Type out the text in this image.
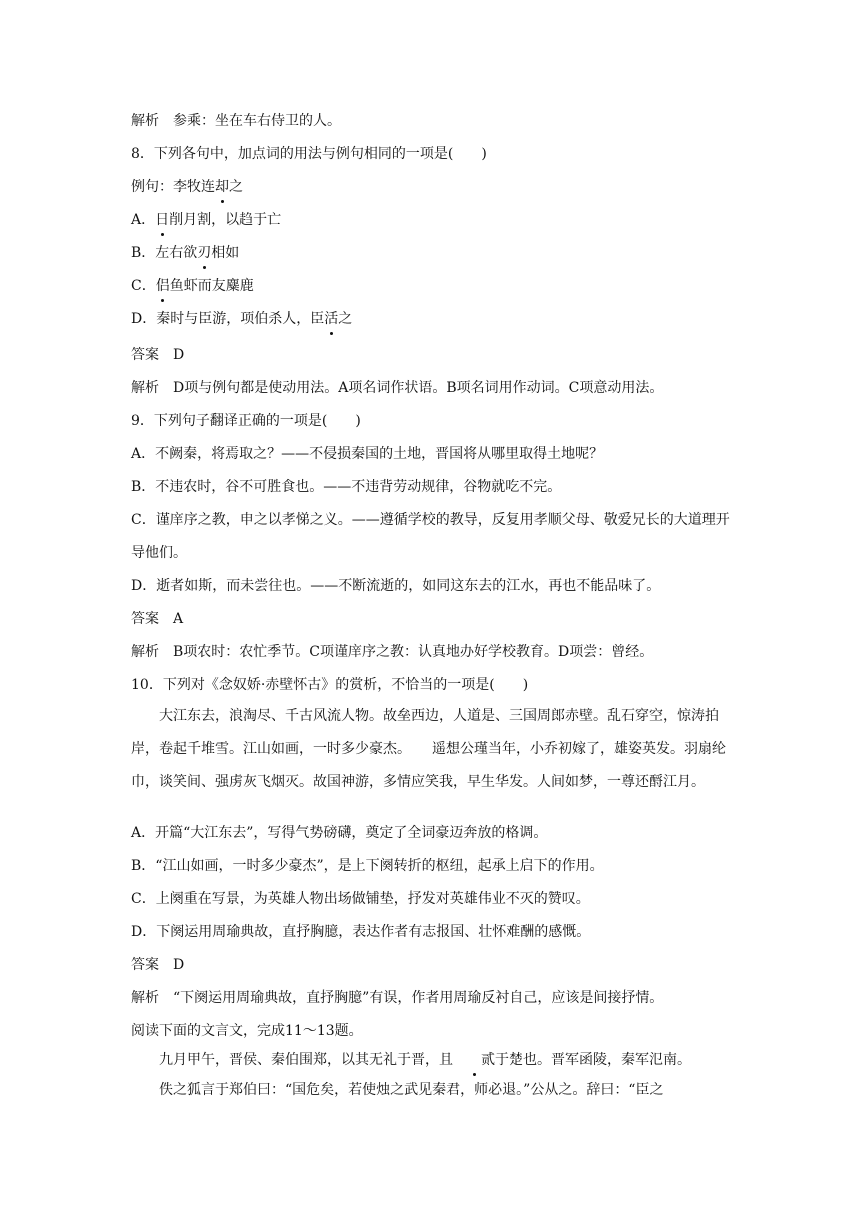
解析 参乘：坐在车右侍卫的人。
8．下列各句中，加点词的用法与例句相同的一项是(　　)
例句：李牧连却之
A．日削月割，以趋于亡
B．左右欲刃相如
C．侣鱼虾而友麋鹿
D．秦时与臣游，项伯杀人，臣活之
答案 D
解析 D项与例句都是使动用法。A项名词作状语。B项名词用作动词。C项意动用法。
9．下列句子翻译正确的一项是(　　)
A．不阙秦，将焉取之？——不侵损秦国的土地，晋国将从哪里取得土地呢？
B．不违农时，谷不可胜食也。——不违背劳动规律，谷物就吃不完。
C．谨庠序之教，申之以孝悌之义。——遵循学校的教导，反复用孝顺父母、敬爱兄长的大道理开导他们。
D．逝者如斯，而未尝往也。——不断流逝的，如同这东去的江水，再也不能品味了。
答案 A
解析 B项农时：农忙季节。C项谨庠序之教：认真地办好学校教育。D项尝：曾经。
10．下列对《念奴娇·赤壁怀古》的赏析，不恰当的一项是(　　)
大江东去，浪淘尽、千古风流人物。故垒西边，人道是、三国周郎赤壁。乱石穿空，惊涛拍岸，卷起千堆雪。江山如画，一时多少豪杰。　　遥想公瑾当年，小乔初嫁了，雄姿英发。羽扇纶巾，谈笑间、强虏灰飞烟灭。故国神游，多情应笑我，早生华发。人间如梦，一尊还酹江月。
A．开篇“大江东去”，写得气势磅礴，奠定了全词豪迈奔放的格调。
B．“江山如画，一时多少豪杰”，是上下阕转折的枢纽，起承上启下的作用。
C．上阕重在写景，为英雄人物出场做铺垫，抒发对英雄伟业不灭的赞叹。
D．下阕运用周瑜典故，直抒胸臆，表达作者有志报国、壮怀难酬的感慨。
答案 D
解析 “下阕运用周瑜典故，直抒胸臆”有误，作者用周瑜反衬自己，应该是间接抒情。
阅读下面的文言文，完成11～13题。
九月甲午，晋侯、秦伯围郑，以其无礼于晋，且 贰于楚也。晋军函陵，秦军氾南。
佚之狐言于郑伯曰：“国危矣，若使烛之武见秦君，师必退。”公从之。辞曰：“臣之
